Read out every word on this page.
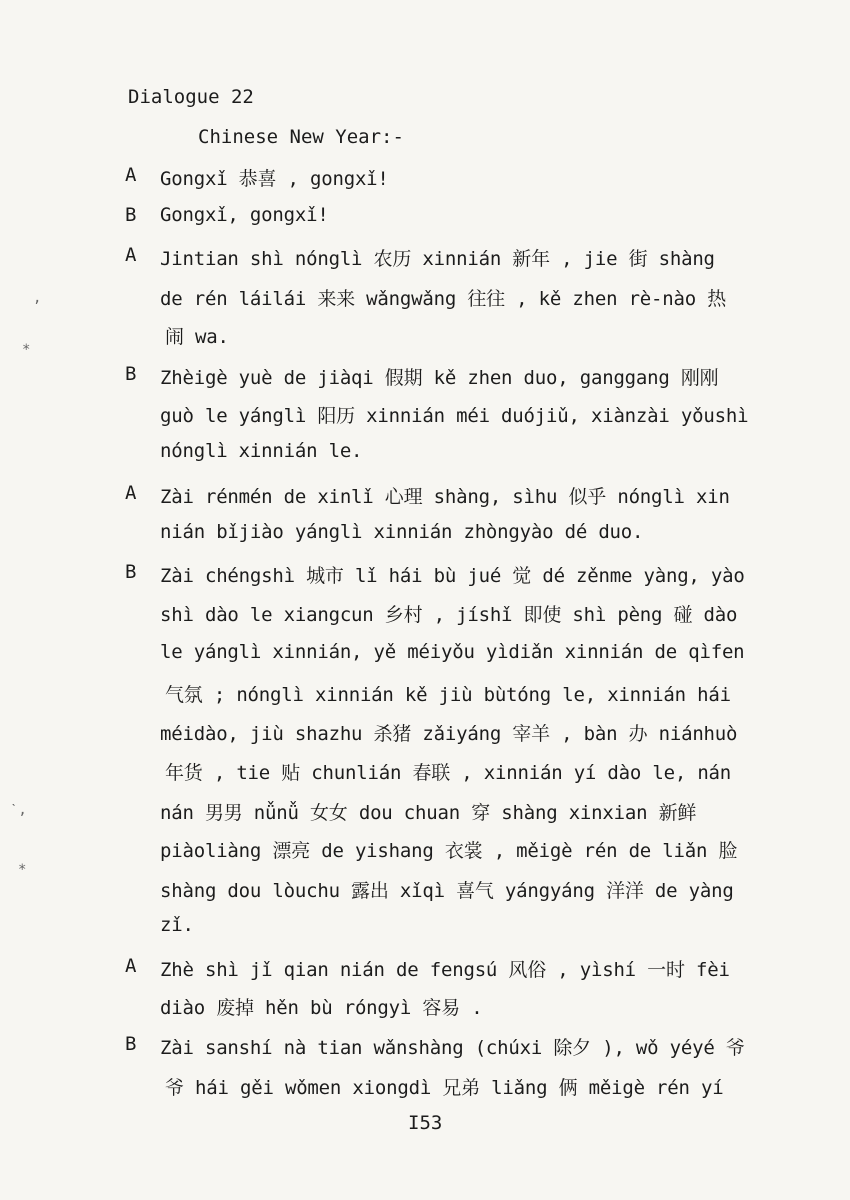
Dialogue 22
Chinese New Year:-
A Gongxǐ 恭喜 , gongxǐ!
B Gongxǐ, gongxǐ!
A Jintian shì nónglì 农历 xinnián 新年 , jie 街 shàng
de rén láilái 来来 wǎngwǎng 往往 , kě zhen rè-nào 热
闹 wa.
B Zhèigè yuè de jiàqi 假期 kě zhen duo, ganggang 刚刚
guò le yánglì 阳历 xinnián méi duójiǔ, xiànzài yǒushì
nónglì xinnián le.
A Zài rénmén de xinlǐ 心理 shàng, sìhu 似乎 nónglì xin
nián bǐjiào yánglì xinnián zhòngyào dé duo.
B Zài chéngshì 城市 lǐ hái bù jué 觉 dé zěnme yàng, yào
shì dào le xiangcun 乡村 , jíshǐ 即使 shì pèng 碰 dào
le yánglì xinnián, yě méiyǒu yìdiǎn xinnián de qìfen
气氛 ; nónglì xinnián kě jiù bùtóng le, xinnián hái
méidào, jiù shazhu 杀猪 zǎiyáng 宰羊 , bàn 办 niánhuò
年货 , tie 贴 chunlián 春联 , xinnián yí dào le, nán
nán 男男 nǚnǚ 女女 dou chuan 穿 shàng xinxian 新鲜
piàoliàng 漂亮 de yishang 衣裳 , měigè rén de liǎn 脸
shàng dou lòuchu 露出 xǐqì 喜气 yángyáng 洋洋 de yàng
zǐ.
A Zhè shì jǐ qian nián de fengsú 风俗 , yìshí 一时 fèi
diào 废掉 hěn bù róngyì 容易 .
B Zài sanshí nà tian wǎnshàng (chúxi 除夕 ), wǒ yéyé 爷
爷 hái gěi wǒmen xiongdì 兄弟 liǎng 俩 měigè rén yí
I53
,
*
ˋ,
*
